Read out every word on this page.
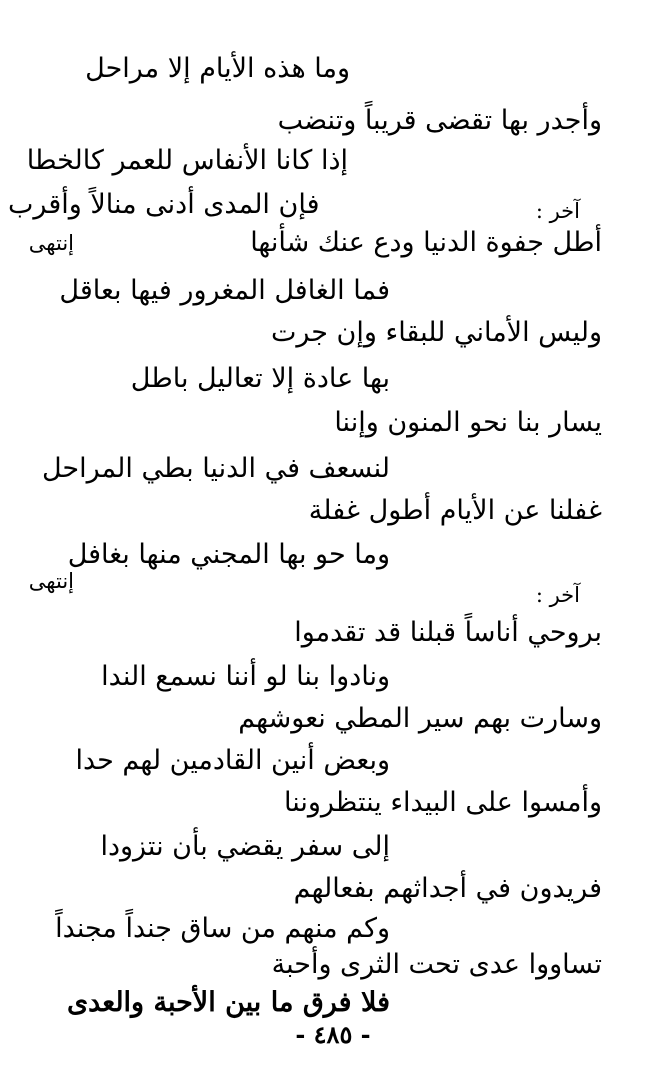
وما هذه الأيام إلا مراحل
وأجدر بها تقضى قريباً وتنضب
إذا كانا الأنفاس للعمر كالخطا
آخر :
فإن المدى أدنى منالاً وأقرب
إنتهى	أطل جفوة الدنيا ودع عنك شأنها
فما الغافل المغرور فيها بعاقل
وليس الأماني للبقاء وإن جرت
بها عادة إلا تعاليل باطل
يسار بنا نحو المنون وإننا
لنسعف في الدنيا بطي المراحل
غفلنا عن الأيام أطول غفلة
وما حو بها المجني منها بغافل
إنتهى
آخر :
بروحي أناساً قبلنا قد تقدموا
ونادوا بنا لو أننا نسمع الندا
وسارت بهم سير المطي نعوشهم
وبعض أنين القادمين لهم حدا
وأمسوا على البيداء ينتظروننا
إلى سفر يقضي بأن نتزودا
فريدون في أجداثهم بفعالهم
وكم منهم من ساق جنداً مجنداً
تساووا عدى تحت الثرى وأحبة
فلا فرق ما بين الأحبة والعدى
- ٤٨٥ -
